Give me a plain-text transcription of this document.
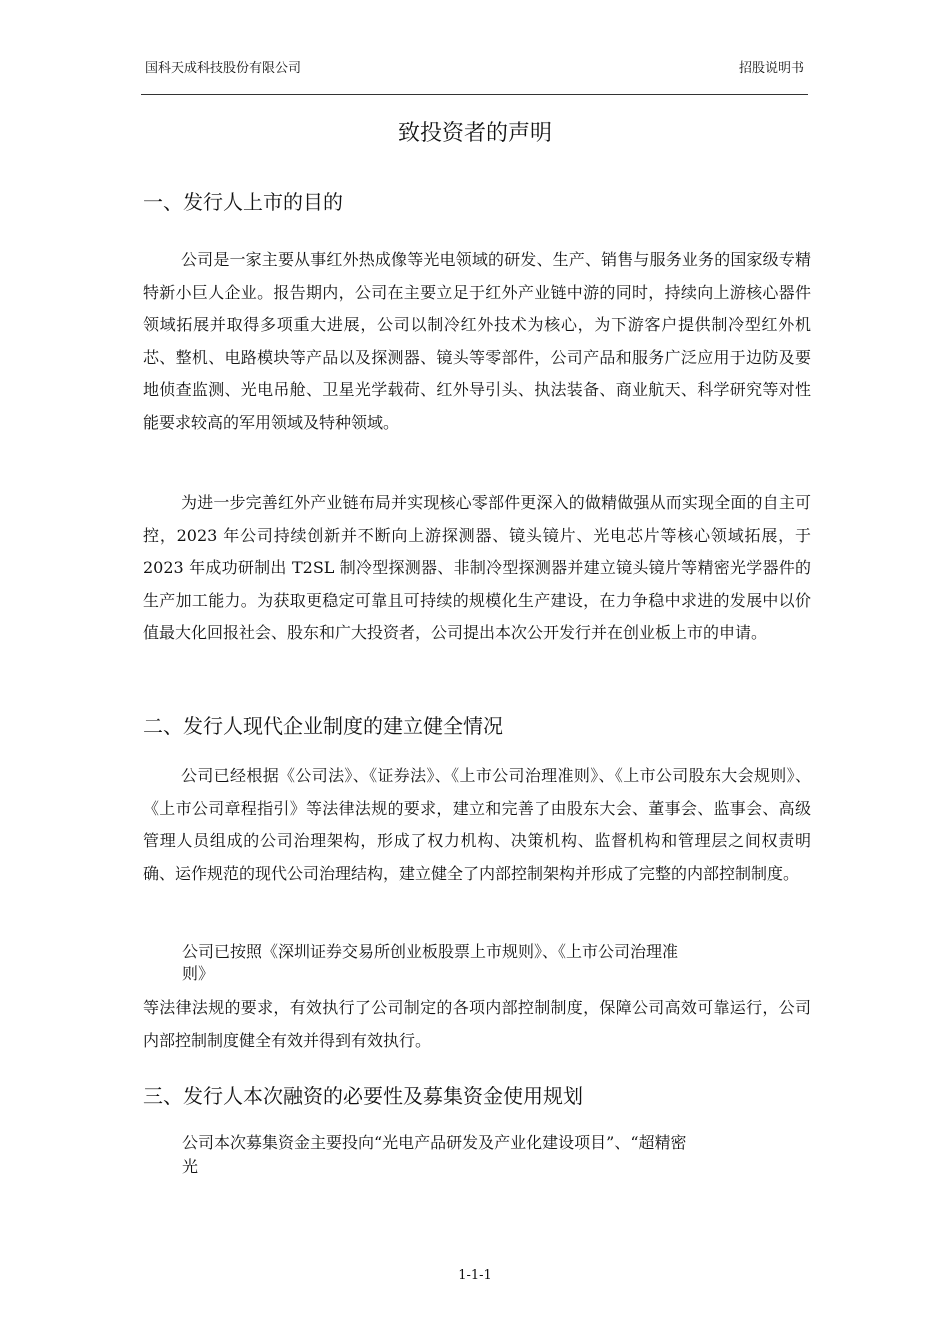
国科天成科技股份有限公司	招股说明书
致投资者的声明
一、发行人上市的目的
公司是一家主要从事红外热成像等光电领域的研发、生产、销售与服务业务的国家级专精特新小巨人企业。报告期内，公司在主要立足于红外产业链中游的同时，持续向上游核心器件领域拓展并取得多项重大进展，公司以制冷红外技术为核心，为下游客户提供制冷型红外机芯、整机、电路模块等产品以及探测器、镜头等零部件，公司产品和服务广泛应用于边防及要地侦查监测、光电吊舱、卫星光学载荷、红外导引头、执法装备、商业航天、科学研究等对性能要求较高的军用领域及特种领域。
为进一步完善红外产业链布局并实现核心零部件更深入的做精做强从而实现全面的自主可控，2023 年公司持续创新并不断向上游探测器、镜头镜片、光电芯片等核心领域拓展，于 2023 年成功研制出 T2SL 制冷型探测器、非制冷型探测器并建立镜头镜片等精密光学器件的生产加工能力。为获取更稳定可靠且可持续的规模化生产建设，在力争稳中求进的发展中以价值最大化回报社会、股东和广大投资者，公司提出本次公开发行并在创业板上市的申请。
二、发行人现代企业制度的建立健全情况
公司已经根据《公司法》、《证券法》、《上市公司治理准则》、《上市公司股东大会规则》、《上市公司章程指引》等法律法规的要求，建立和完善了由股东大会、董事会、监事会、高级管理人员组成的公司治理架构，形成了权力机构、决策机构、监督机构和管理层之间权责明确、运作规范的现代公司治理结构，建立健全了内部控制架构并形成了完整的内部控制制度。
公司已按照《深圳证券交易所创业板股票上市规则》、《上市公司治理准
则》
等法律法规的要求，有效执行了公司制定的各项内部控制制度，保障公司高效可靠运行，公司内部控制制度健全有效并得到有效执行。
三、发行人本次融资的必要性及募集资金使用规划
公司本次募集资金主要投向“光电产品研发及产业化建设项目”、“超精密
光
1-1-1
